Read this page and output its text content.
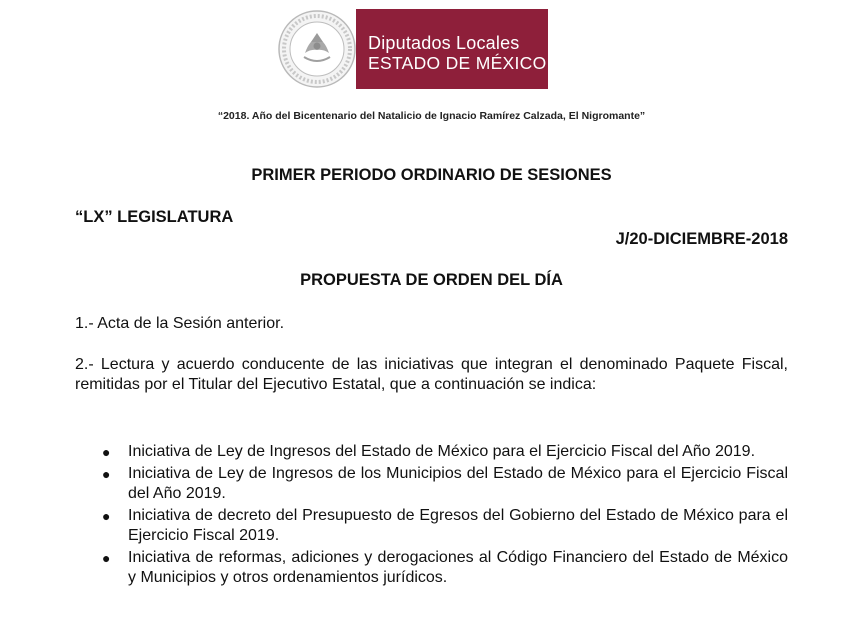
Diputados Locales
ESTADO DE MÉXICO
“2018. Año del Bicentenario del Natalicio de Ignacio Ramírez Calzada, El Nigromante”
PRIMER PERIODO ORDINARIO DE SESIONES
“LX” LEGISLATURA
J/20-DICIEMBRE-2018
PROPUESTA DE ORDEN DEL DÍA
1.- Acta de la Sesión anterior.
2.- Lectura y acuerdo conducente de las iniciativas que integran el denominado Paquete Fiscal, remitidas por el Titular del Ejecutivo Estatal, que a continuación se indica:
● Iniciativa de Ley de Ingresos del Estado de México para el Ejercicio Fiscal del Año 2019.
● Iniciativa de Ley de Ingresos de los Municipios del Estado de México para el Ejercicio Fiscal del Año 2019.
● Iniciativa de decreto del Presupuesto de Egresos del Gobierno del Estado de México para el Ejercicio Fiscal 2019.
● Iniciativa de reformas, adiciones y derogaciones al Código Financiero del Estado de México y Municipios y otros ordenamientos jurídicos.
